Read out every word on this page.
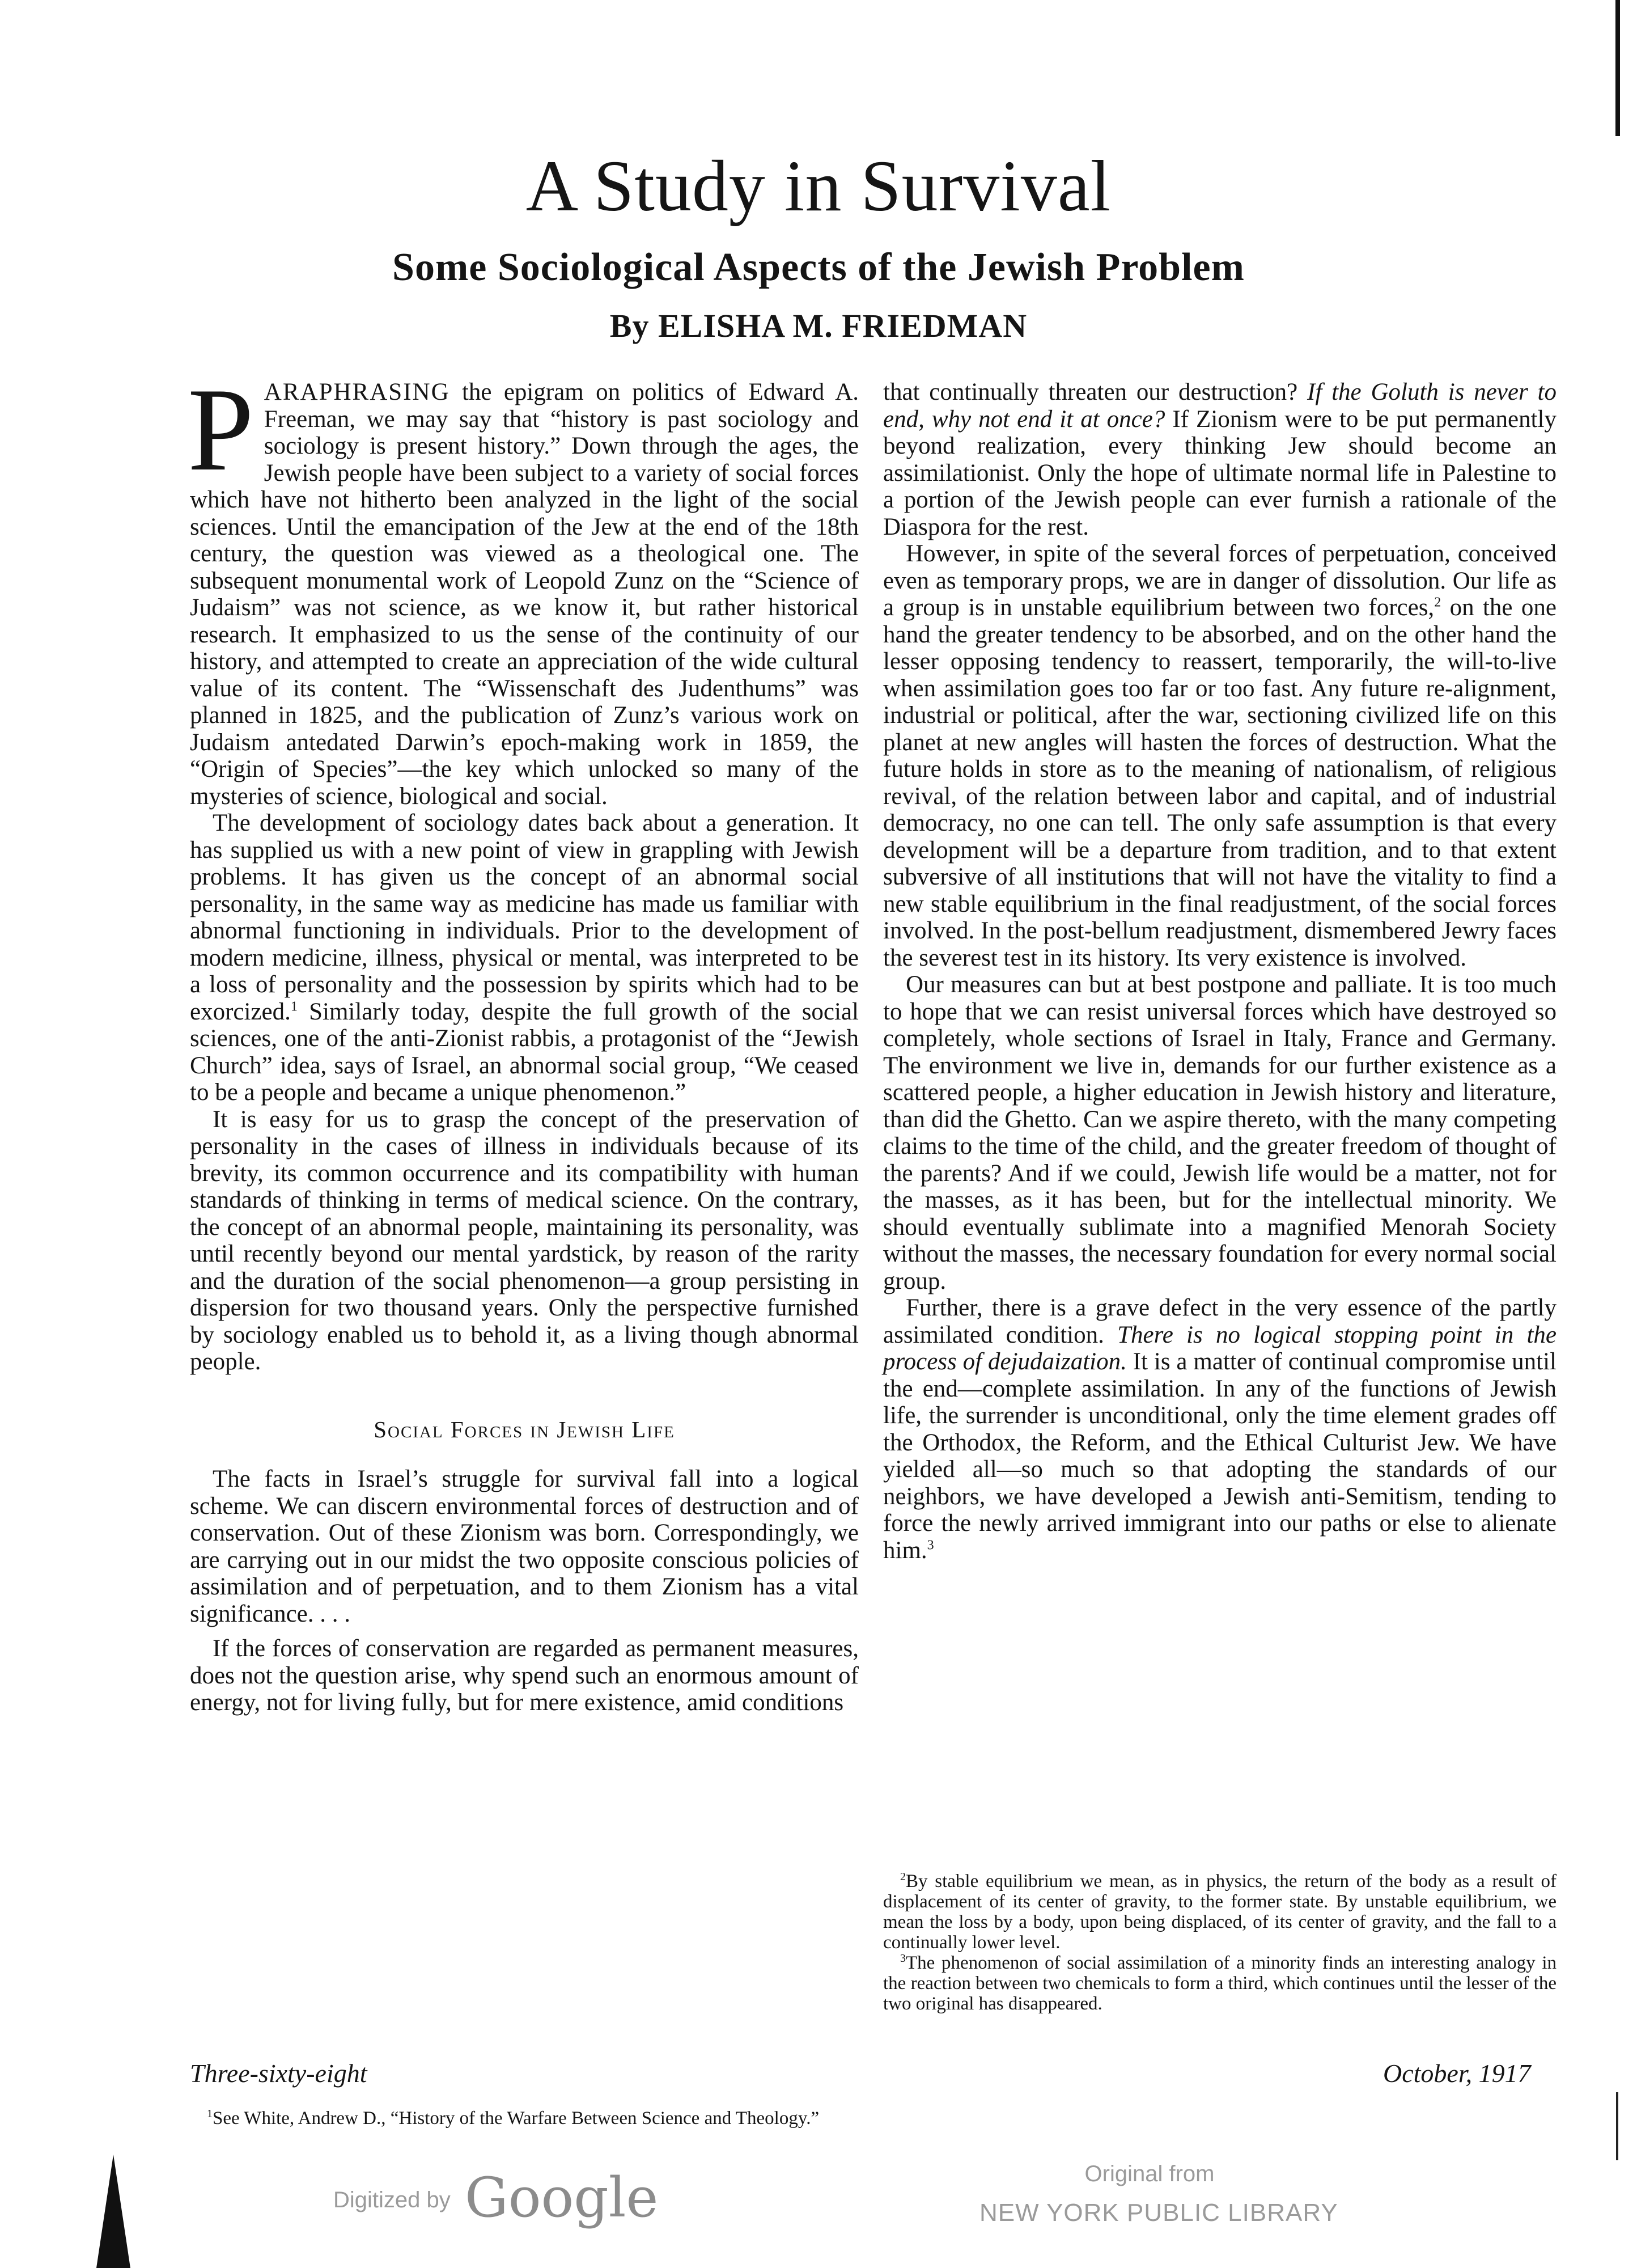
A Study in Survival
Some Sociological Aspects of the Jewish Problem
By ELISHA M. FRIEDMAN

PARAPHRASING the epigram on politics of Edward A. Freeman, we may say that “history is past sociology and sociology is present history.” Down through the ages, the Jewish people have been subject to a variety of social forces which have not hitherto been analyzed in the light of the social sciences. Until the emancipation of the Jew at the end of the 18th century, the question was viewed as a theological one. The subsequent monumental work of Leopold Zunz on the “Science of Judaism” was not science, as we know it, but rather historical research. It emphasized to us the sense of the continuity of our history, and attempted to create an appreciation of the wide cultural value of its content. The “Wissenschaft des Judenthums” was planned in 1825, and the publication of Zunz’s various work on Judaism antedated Darwin’s epoch-making work in 1859, the “Origin of Species”—the key which unlocked so many of the mysteries of science, biological and social.

The development of sociology dates back about a generation. It has supplied us with a new point of view in grappling with Jewish problems. It has given us the concept of an abnormal social personality, in the same way as medicine has made us familiar with abnormal functioning in individuals. Prior to the development of modern medicine, illness, physical or mental, was interpreted to be a loss of personality and the possession by spirits which had to be exorcized.$^1$ Similarly today, despite the full growth of the social sciences, one of the anti-Zionist rabbis, a protagonist of the “Jewish Church” idea, says of Israel, an abnormal social group, “We ceased to be a people and became a unique phenomenon.”

It is easy for us to grasp the concept of the preservation of personality in the cases of illness in individuals because of its brevity, its common occurrence and its compatibility with human standards of thinking in terms of medical science. On the contrary, the concept of an abnormal people, maintaining its personality, was until recently beyond our mental yardstick, by reason of the rarity and the duration of the social phenomenon—a group persisting in dispersion for two thousand years. Only the perspective furnished by sociology enabled us to behold it, as a living though abnormal people.

Social Forces in Jewish Life

The facts in Israel’s struggle for survival fall into a logical scheme. We can discern environmental forces of destruction and of conservation. Out of these Zionism was born. Correspondingly, we are carrying out in our midst the two opposite conscious policies of assimilation and of perpetuation, and to them Zionism has a vital significance. . . .

If the forces of conservation are regarded as permanent measures, does not the question arise, why spend such an enormous amount of energy, not for living fully, but for mere existence, amid conditions

that continually threaten our destruction? If the Goluth is never to end, why not end it at once? If Zionism were to be put permanently beyond realization, every thinking Jew should become an assimilationist. Only the hope of ultimate normal life in Palestine to a portion of the Jewish people can ever furnish a rationale of the Diaspora for the rest.

However, in spite of the several forces of perpetuation, conceived even as temporary props, we are in danger of dissolution. Our life as a group is in unstable equilibrium between two forces,$^2$ on the one hand the greater tendency to be absorbed, and on the other hand the lesser opposing tendency to reassert, temporarily, the will-to-live when assimilation goes too far or too fast. Any future re-alignment, industrial or political, after the war, sectioning civilized life on this planet at new angles will hasten the forces of destruction. What the future holds in store as to the meaning of nationalism, of religious revival, of the relation between labor and capital, and of industrial democracy, no one can tell. The only safe assumption is that every development will be a departure from tradition, and to that extent subversive of all institutions that will not have the vitality to find a new stable equilibrium in the final readjustment, of the social forces involved. In the post-bellum readjustment, dismembered Jewry faces the severest test in its history. Its very existence is involved.

Our measures can but at best postpone and palliate. It is too much to hope that we can resist universal forces which have destroyed so completely, whole sections of Israel in Italy, France and Germany. The environment we live in, demands for our further existence as a scattered people, a higher education in Jewish history and literature, than did the Ghetto. Can we aspire thereto, with the many competing claims to the time of the child, and the greater freedom of thought of the parents? And if we could, Jewish life would be a matter, not for the masses, as it has been, but for the intellectual minority. We should eventually sublimate into a magnified Menorah Society without the masses, the necessary foundation for every normal social group.

Further, there is a grave defect in the very essence of the partly assimilated condition. There is no logical stopping point in the process of dejudaization. It is a matter of continual compromise until the end—complete assimilation. In any of the functions of Jewish life, the surrender is unconditional, only the time element grades off the Orthodox, the Reform, and the Ethical Culturist Jew. We have yielded all—so much so that adopting the standards of our neighbors, we have developed a Jewish anti-Semitism, tending to force the newly arrived immigrant into our paths or else to alienate him.$^3$

$^2$By stable equilibrium we mean, as in physics, the return of the body as a result of displacement of its center of gravity, to the former state. By unstable equilibrium, we mean the loss by a body, upon being displaced, of its center of gravity, and the fall to a continually lower level.

$^3$The phenomenon of social assimilation of a minority finds an interesting analogy in the reaction between two chemicals to form a third, which continues until the lesser of the two original has disappeared.

$^1$See White, Andrew D., “History of the Warfare Between Science and Theology.”

Three-sixty-eight	October, 1917
Digitized by Google	Original from
NEW YORK PUBLIC LIBRARY
